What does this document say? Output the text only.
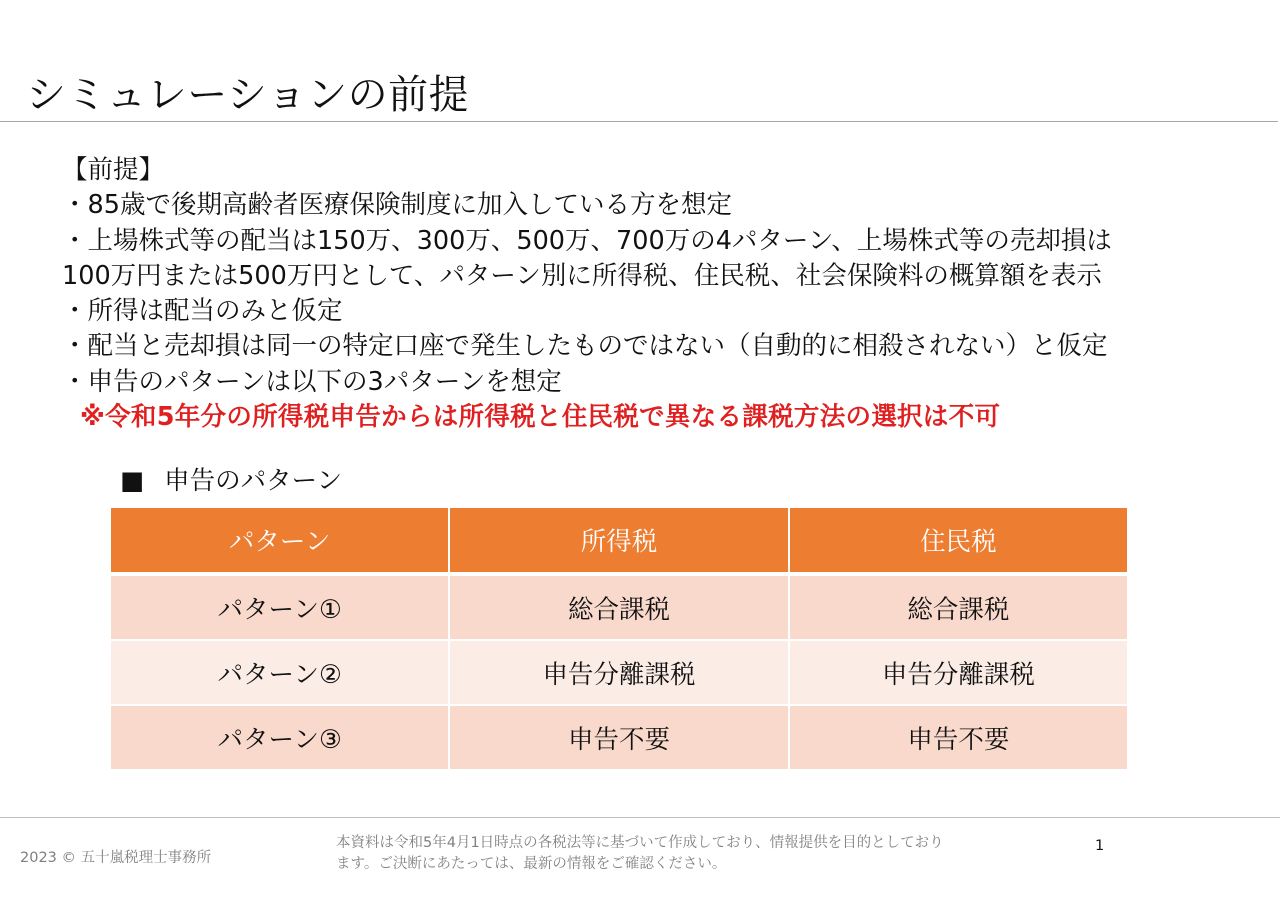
シミュレーションの前提
【前提】
・85歳で後期高齢者医療保険制度に加入している方を想定
・上場株式等の配当は150万、300万、500万、700万の4パターン、上場株式等の売却損は
100万円または500万円として、パターン別に所得税、住民税、社会保険料の概算額を表示
・所得は配当のみと仮定
・配当と売却損は同一の特定口座で発生したものではない（自動的に相殺されない）と仮定
・申告のパターンは以下の3パターンを想定
※令和5年分の所得税申告からは所得税と住民税で異なる課税方法の選択は不可
■ 申告のパターン
パターン	所得税	住民税
パターン①	総合課税	総合課税
パターン②	申告分離課税	申告分離課税
パターン③	申告不要	申告不要
2023 © 五十嵐税理士事務所
本資料は令和5年4月1日時点の各税法等に基づいて作成しており、情報提供を目的としており
ます。ご決断にあたっては、最新の情報をご確認ください。
1
